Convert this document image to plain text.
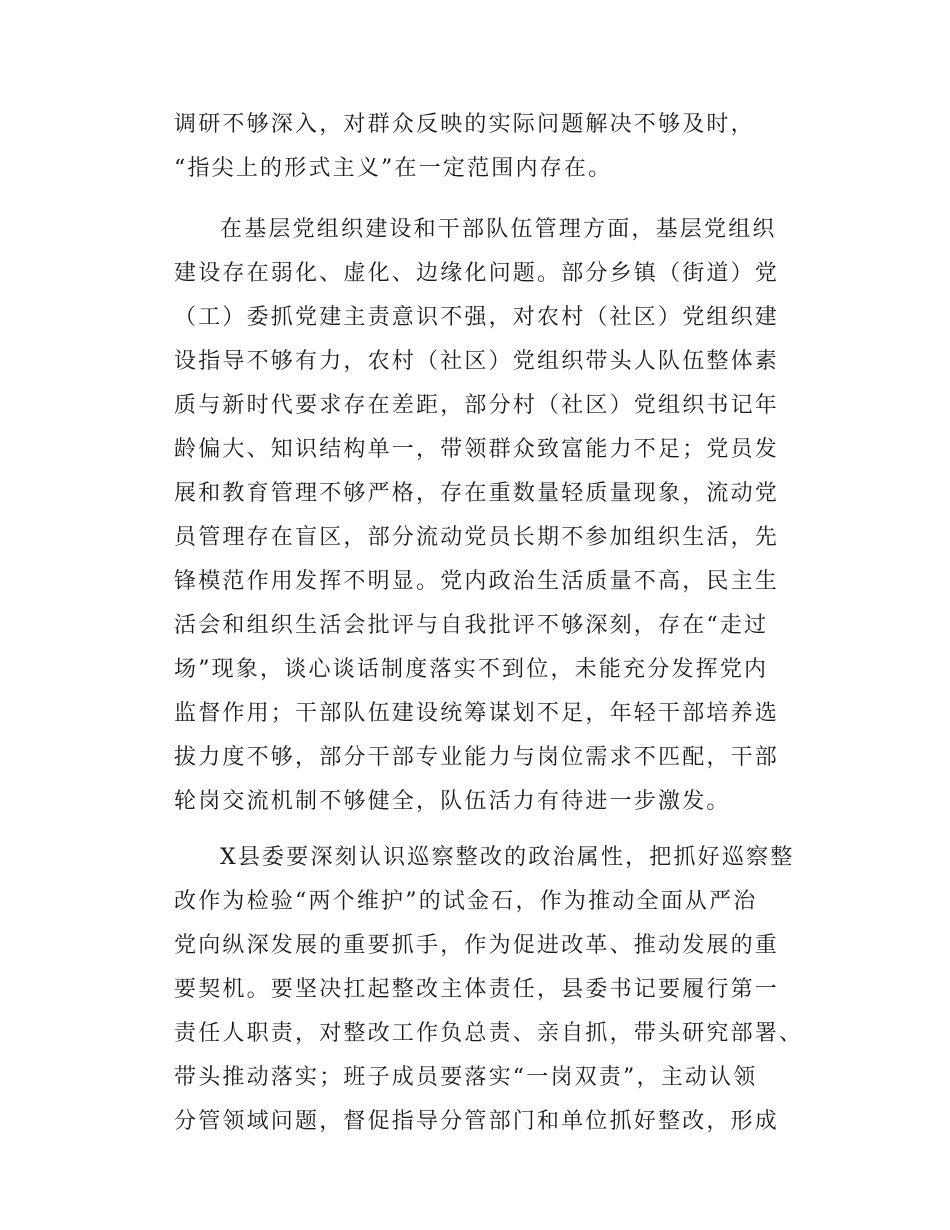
调研不够深入，对群众反映的实际问题解决不够及时，
“指尖上的形式主义”在一定范围内存在。
在基层党组织建设和干部队伍管理方面，基层党组织
建设存在弱化、虚化、边缘化问题。部分乡镇（街道）党
（工）委抓党建主责意识不强，对农村（社区）党组织建
设指导不够有力，农村（社区）党组织带头人队伍整体素
质与新时代要求存在差距，部分村（社区）党组织书记年
龄偏大、知识结构单一，带领群众致富能力不足；党员发
展和教育管理不够严格，存在重数量轻质量现象，流动党
员管理存在盲区，部分流动党员长期不参加组织生活，先
锋模范作用发挥不明显。党内政治生活质量不高，民主生
活会和组织生活会批评与自我批评不够深刻，存在“走过
场”现象，谈心谈话制度落实不到位，未能充分发挥党内
监督作用；干部队伍建设统筹谋划不足，年轻干部培养选
拔力度不够，部分干部专业能力与岗位需求不匹配，干部
轮岗交流机制不够健全，队伍活力有待进一步激发。
X县委要深刻认识巡察整改的政治属性，把抓好巡察整
改作为检验“两个维护”的试金石，作为推动全面从严治
党向纵深发展的重要抓手，作为促进改革、推动发展的重
要契机。要坚决扛起整改主体责任，县委书记要履行第一
责任人职责，对整改工作负总责、亲自抓，带头研究部署、
带头推动落实；班子成员要落实“一岗双责”，主动认领
分管领域问题，督促指导分管部门和单位抓好整改，形成
